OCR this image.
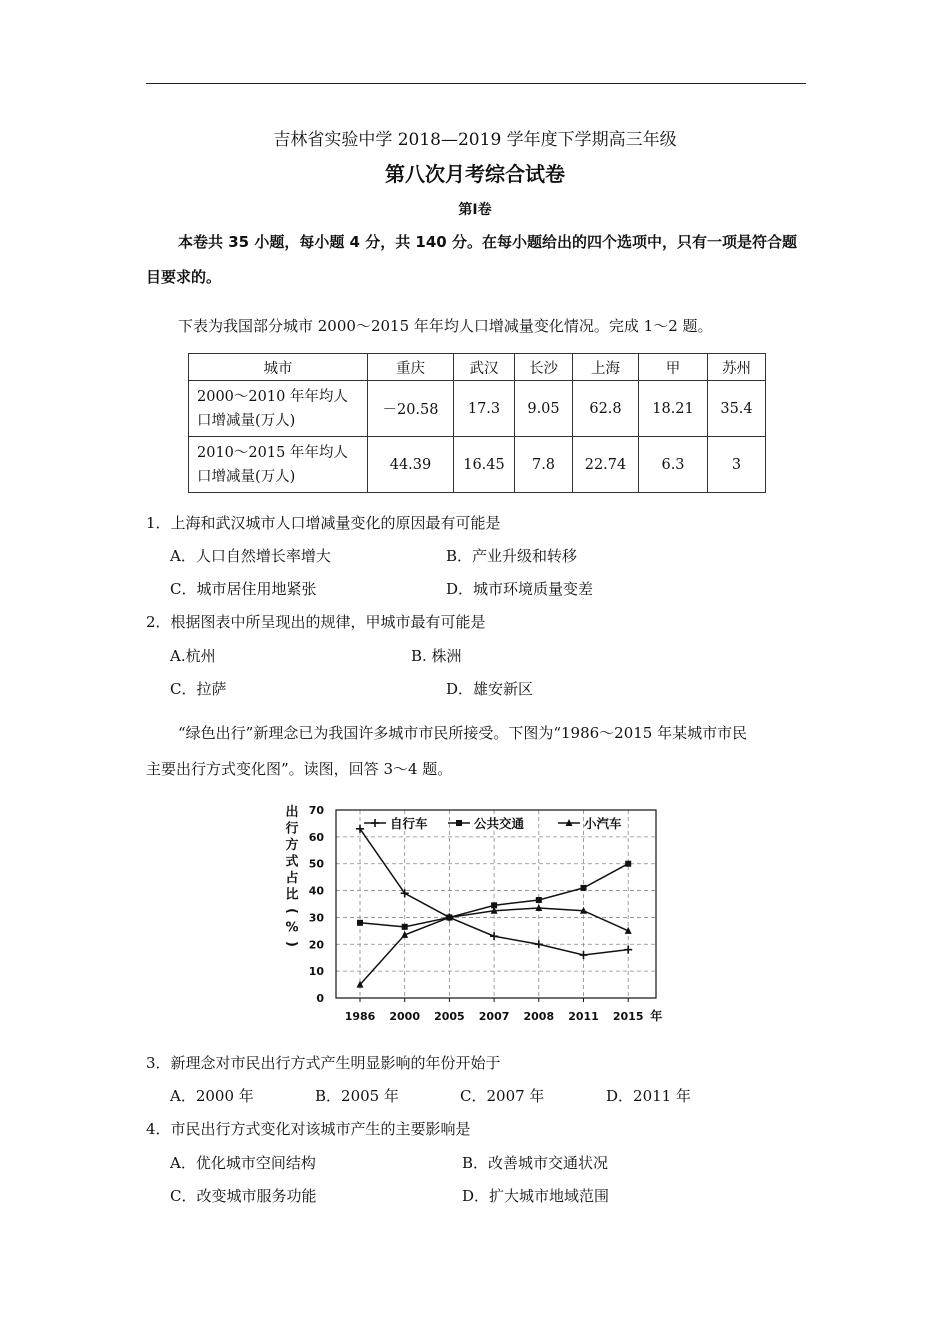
吉林省实验中学 2018—2019 学年度下学期高三年级
第八次月考综合试卷
第Ⅰ卷
本卷共 35 小题，每小题 4 分，共 140 分。在每小题给出的四个选项中，只有一项是符合题
目要求的。
下表为我国部分城市 2000～2015 年年均人口增减量变化情况。完成 1～2 题。
城市	重庆	武汉	长沙	上海	甲	苏州
2000～2010 年年均人
口增减量(万人)	－20.58	17.3	9.05	62.8	18.21	35.4
2010～2015 年年均人
口增减量(万人)	44.39	16.45	7.8	22.74	6.3	3
1．上海和武汉城市人口增减量变化的原因最有可能是
A．人口自然增长率增大	B．产业升级和转移
C．城市居住用地紧张	D．城市环境质量变差
2．根据图表中所呈现出的规律，甲城市最有可能是
A.杭州	B. 株洲
C．拉萨	D．雄安新区
“绿色出行”新理念已为我国许多城市市民所接受。下图为“1986～2015 年某城市市民
主要出行方式变化图”。读图，回答 3～4 题。
0
10
20
30
40
50
60
70
1986 2000 2005 2007 2008 2011 2015 年
自行车	公共交通	小汽车
出
行
方
式
占
比
(
%
)
3．新理念对市民出行方式产生明显影响的年份开始于
A．2000 年	B．2005 年	C．2007 年	D．2011 年
4．市民出行方式变化对该城市产生的主要影响是
A．优化城市空间结构	B．改善城市交通状况
C．改变城市服务功能	D．扩大城市地域范围
